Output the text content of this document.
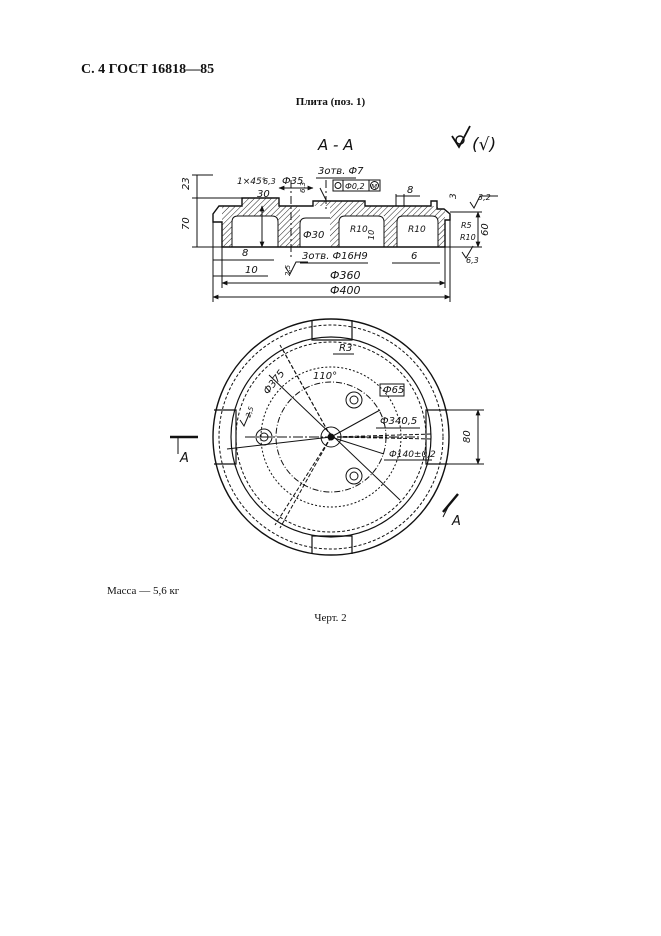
С. 4 ГОСТ 16818—85
Плита (поз. 1)
A - A	(√)
23
70
30
1×45°
6,3 Ф35
6,3
3отв. Ф7
Ф0,2 M	8
3 3,2
Ф30	R10 10	R10	R5
R10
60
6,3
8	3отв. Ф16Н9	6
10	2,5	Ф360
Ф400
R3
110°
Ф375	Ф65
2,5
Ф340,5
Ф140±0,2
80
A
A
Масса — 5,6 кг
Черт. 2
